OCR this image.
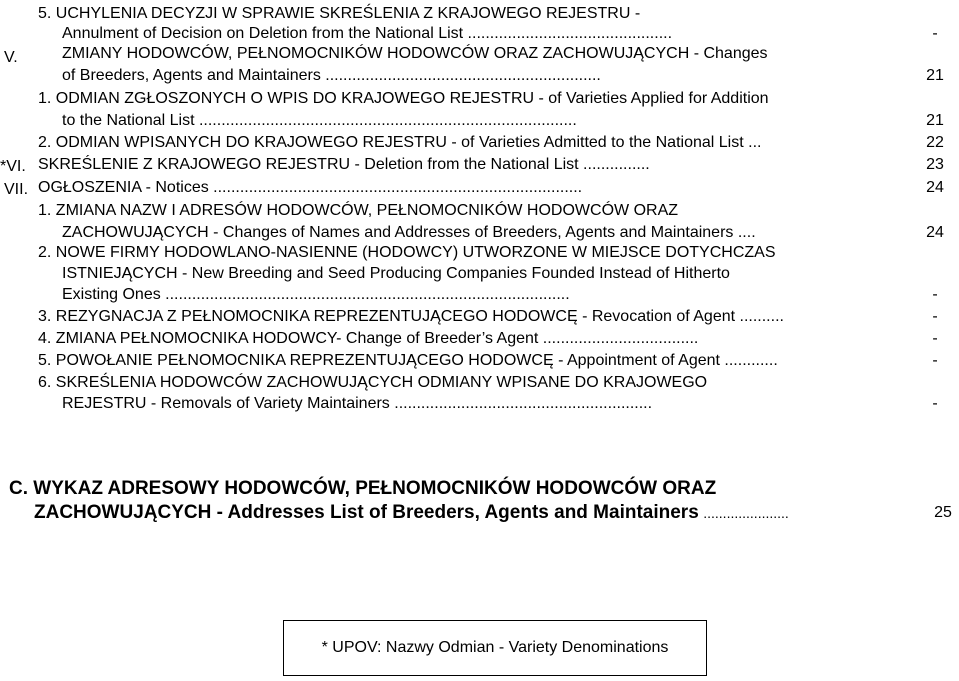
5. UCHYLENIA DECYZJI W SPRAWIE SKREŚLENIA Z KRAJOWEGO REJESTRU -
Annulment of Decision on Deletion from the National List ..............................................	-
V.	ZMIANY HODOWCÓW, PEŁNOMOCNIKÓW HODOWCÓW ORAZ ZACHOWUJĄCYCH - Changes
of Breeders, Agents and Maintainers ..............................................................	21
1. ODMIAN ZGŁOSZONYCH O WPIS DO KRAJOWEGO REJESTRU - of Varieties Applied for Addition
to the National List .....................................................................................	21
2. ODMIAN WPISANYCH DO KRAJOWEGO REJESTRU - of Varieties Admitted to the National List ...	22
*VI. SKREŚLENIE Z KRAJOWEGO REJESTRU - Deletion from the National List ...............	23
VII. OGŁOSZENIA - Notices ...................................................................................	24
1. ZMIANA NAZW I ADRESÓW HODOWCÓW, PEŁNOMOCNIKÓW HODOWCÓW ORAZ
ZACHOWUJĄCYCH - Changes of Names and Addresses of Breeders, Agents and Maintainers ....	24
2. NOWE FIRMY HODOWLANO-NASIENNE (HODOWCY) UTWORZONE W MIEJSCE DOTYCHCZAS
ISTNIEJĄCYCH - New Breeding and Seed Producing Companies Founded Instead of Hitherto
Existing Ones ...........................................................................................	-
3. REZYGNACJA Z PEŁNOMOCNIKA REPREZENTUJĄCEGO HODOWCĘ - Revocation of Agent ..........	-
4. ZMIANA PEŁNOMOCNIKA HODOWCY- Change of Breeder’s Agent ...................................	-
5. POWOŁANIE PEŁNOMOCNIKA REPREZENTUJĄCEGO HODOWCĘ - Appointment of Agent ............	-
6. SKREŚLENIA HODOWCÓW ZACHOWUJĄCYCH ODMIANY WPISANE DO KRAJOWEGO
REJESTRU - Removals of Variety Maintainers ..........................................................	-
C. WYKAZ ADRESOWY HODOWCÓW, PEŁNOMOCNIKÓW HODOWCÓW ORAZ
ZACHOWUJĄCYCH - Addresses List of Breeders, Agents and Maintainers ......................	25
* UPOV: Nazwy Odmian - Variety Denominations
